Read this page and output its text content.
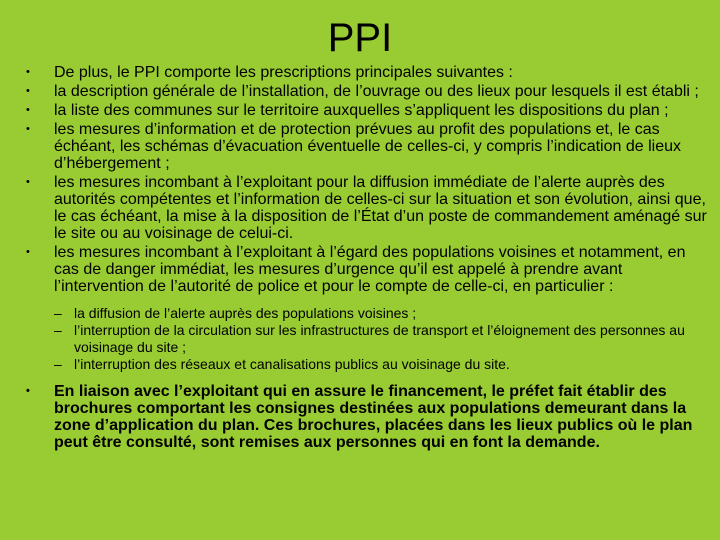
PPI
•	De plus, le PPI comporte les prescriptions principales suivantes :
•	la description générale de l’installation, de l’ouvrage ou des lieux pour lesquels il est établi ;
•	la liste des communes sur le territoire auxquelles s’appliquent les dispositions du plan ;
•	les mesures d’information et de protection prévues au profit des populations et, le cas échéant, les schémas d’évacuation éventuelle de celles-ci, y compris l’indication de lieux d’hébergement ;
•	les mesures incombant à l’exploitant pour la diffusion immédiate de l’alerte auprès des autorités compétentes et l’information de celles-ci sur la situation et son évolution, ainsi que, le cas échéant, la mise à la disposition de l’État d’un poste de commandement aménagé sur le site ou au voisinage de celui-ci.
•	les mesures incombant à l’exploitant à l’égard des populations voisines et notamment, en cas de danger immédiat, les mesures d’urgence qu’il est appelé à prendre avant l’intervention de l’autorité de police et pour le compte de celle-ci, en particulier :
– la diffusion de l’alerte auprès des populations voisines ;
– l’interruption de la circulation sur les infrastructures de transport et l’éloignement des personnes au voisinage du site ;
– l’interruption des réseaux et canalisations publics au voisinage du site.
•	En liaison avec l’exploitant qui en assure le financement, le préfet fait établir des brochures comportant les consignes destinées aux populations demeurant dans la zone d’application du plan. Ces brochures, placées dans les lieux publics où le plan peut être consulté, sont remises aux personnes qui en font la demande.
